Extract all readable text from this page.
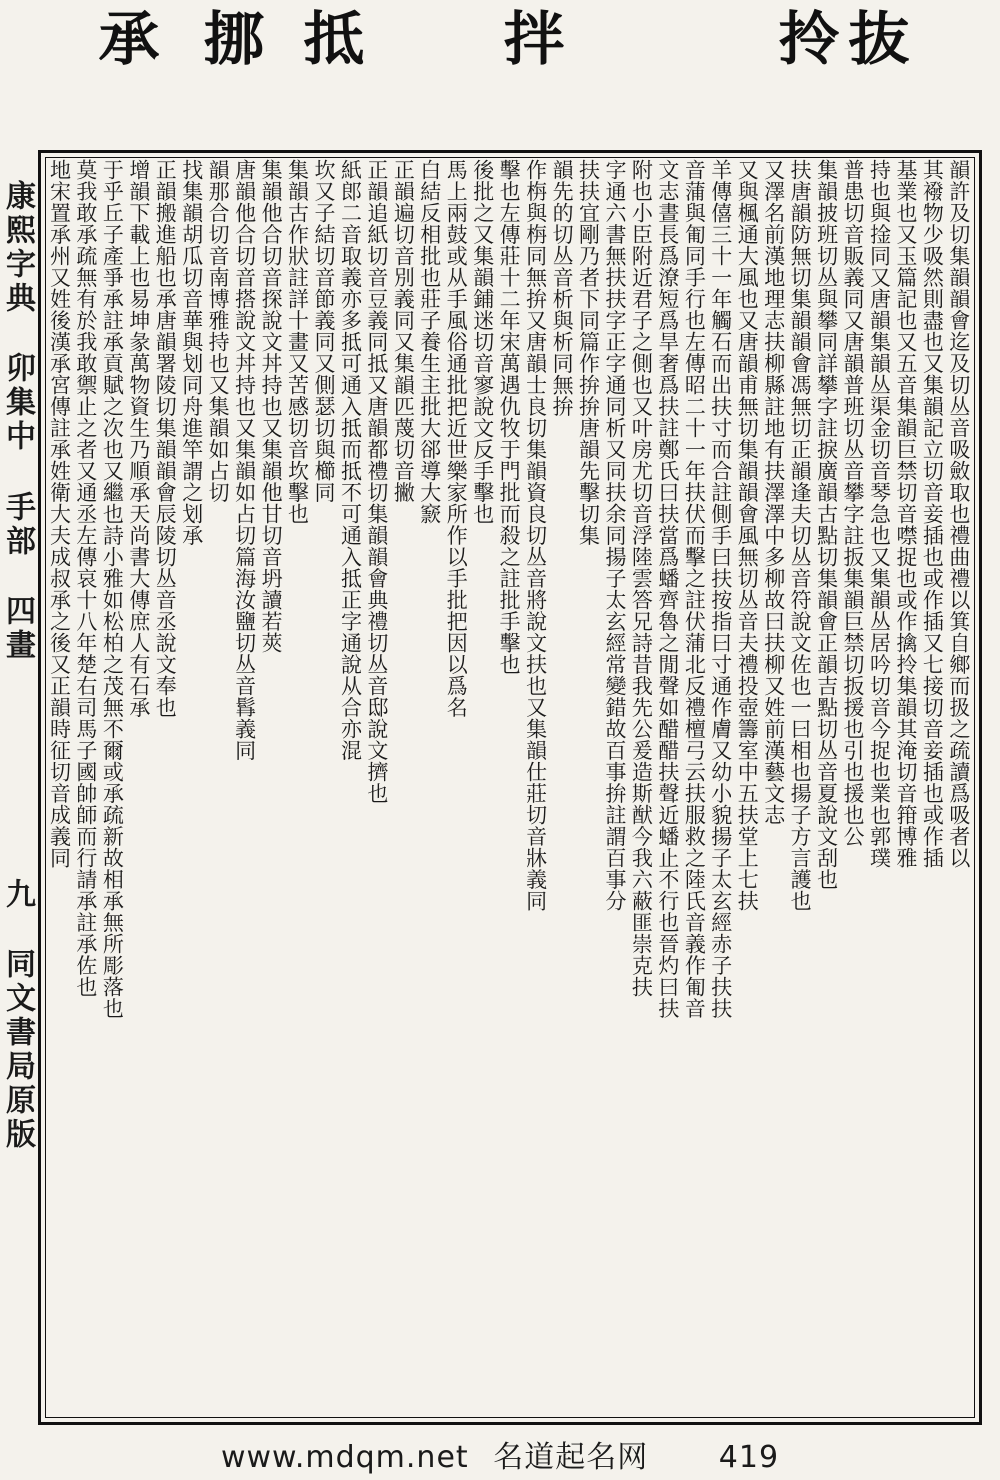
承 挪 抵 拌	拎 抜
康熙字典 卯集中 手部 四畫 九 同文書局原版
韻許及切集韻韻會迄及切丛音吸斂取也禮曲禮以箕自鄉而扱之疏讀爲吸者以
其襏物少吸然則盡也又集韻記立切音妾插也或作插又七接切音妾插也或作插
基業也又玉篇記也又五音集韻巨禁切音噤捉也或作擒拎集韻其淹切音箝博雅
持也與捦同又唐韻集韻丛渠金切音琴急也又集韻丛居吟切音今捉也業也郭璞
普患切音販義同又唐韻普班切丛音攀字註扳集韻巨禁切扳援也引也援也公
集韻披班切丛與攀同詳攀字註捩廣韻古點切集韻會正韻吉點切丛音夏說文刮也
扶唐韻防無切集韻韻會馮無切正韻逢夫切丛音符說文佐也一曰相也揚子方言護也
又澤名前漢地理志扶柳縣註地有扶澤澤中多柳故曰扶柳又姓前漢藝文志
又與楓通大風也又唐韻甫無切集韻韻會風無切丛音夫禮投壺籌室中五扶堂上七扶
羊傳僖三十一年觸石而出扶寸而合註側手曰扶按指曰寸通作膚又幼小貌揚子太玄經赤子扶扶
音蒲與匍同手行也左傳昭二十一年扶伏而擊之註伏蒲北反禮檀弓云扶服救之陸氏音義作匍音
文志晝長爲潦短爲旱奢爲扶註鄭氏曰扶當爲蟠齊魯之閒聲如醋醋扶聲近蟠止不行也晉灼曰扶
附也小臣附近君子之側也又叶房尤切音浮陸雲答兄詩昔我先公爰造斯猷今我六蔽匪崇克扶
字通六書無扶扶字正字通同析又同扶余同揚子太玄經常變錯故百事拚註謂百事分
扶扶宜剛乃者下同篇作拚拚唐韻先擊切集
韻先的切丛音析與析同無拚
作栴與栴同無拚又唐韻士良切集韻資良切丛音將說文扶也又集韻仕莊切音牀義同
擊也左傳莊十二年宋萬遇仇牧于門批而殺之註批手擊也
後批之又集韻鋪迷切音寥說文反手擊也
馬上兩鼓或从手風俗通批把近世樂家所作以手批把因以爲名
白結反相批也莊子養生主批大郤導大窾
正韻遍切音別義同又集韻匹蔑切音撇
正韻追紙切音豆義同抵又唐韻都禮切集韻韻會典禮切丛音邸說文擠也
紙郎二音取義亦多抵可通入抵而抵不可通入抵正字通說从合亦混
坎又子結切音節義同又側瑟切與櫛同
集韻古作狀註詳十畫又苦感切音坎擊也
集韻他合切音探說文丼持也又集韻他甘切音坍讀若莢
唐韻他合切音搭說文丼持也又集韻如占切篇海汝鹽切丛音髥義同
韻那合切音南博雅持也又集韻如占切
找集韻胡瓜切音華與划同舟進竿謂之划承
正韻搬進船也承唐韻署陵切集韻韻會辰陵切丛音丞說文奉也
增韻下載上也易坤彖萬物資生乃順承天尚書大傳庶人有石承
于乎丘子產爭承註承貢賦之次也又繼也詩小雅如松柏之茂無不爾或承疏新故相承無所彫落也
莫我敢承疏無有於我敢禦止之者又通丞左傳哀十八年楚右司馬子國帥師而行請承註承佐也
地宋置承州又姓後漢承宮傳註承姓衛大夫成叔承之後又正韻時征切音成義同
www.mdqm.net 名道起名网 419
